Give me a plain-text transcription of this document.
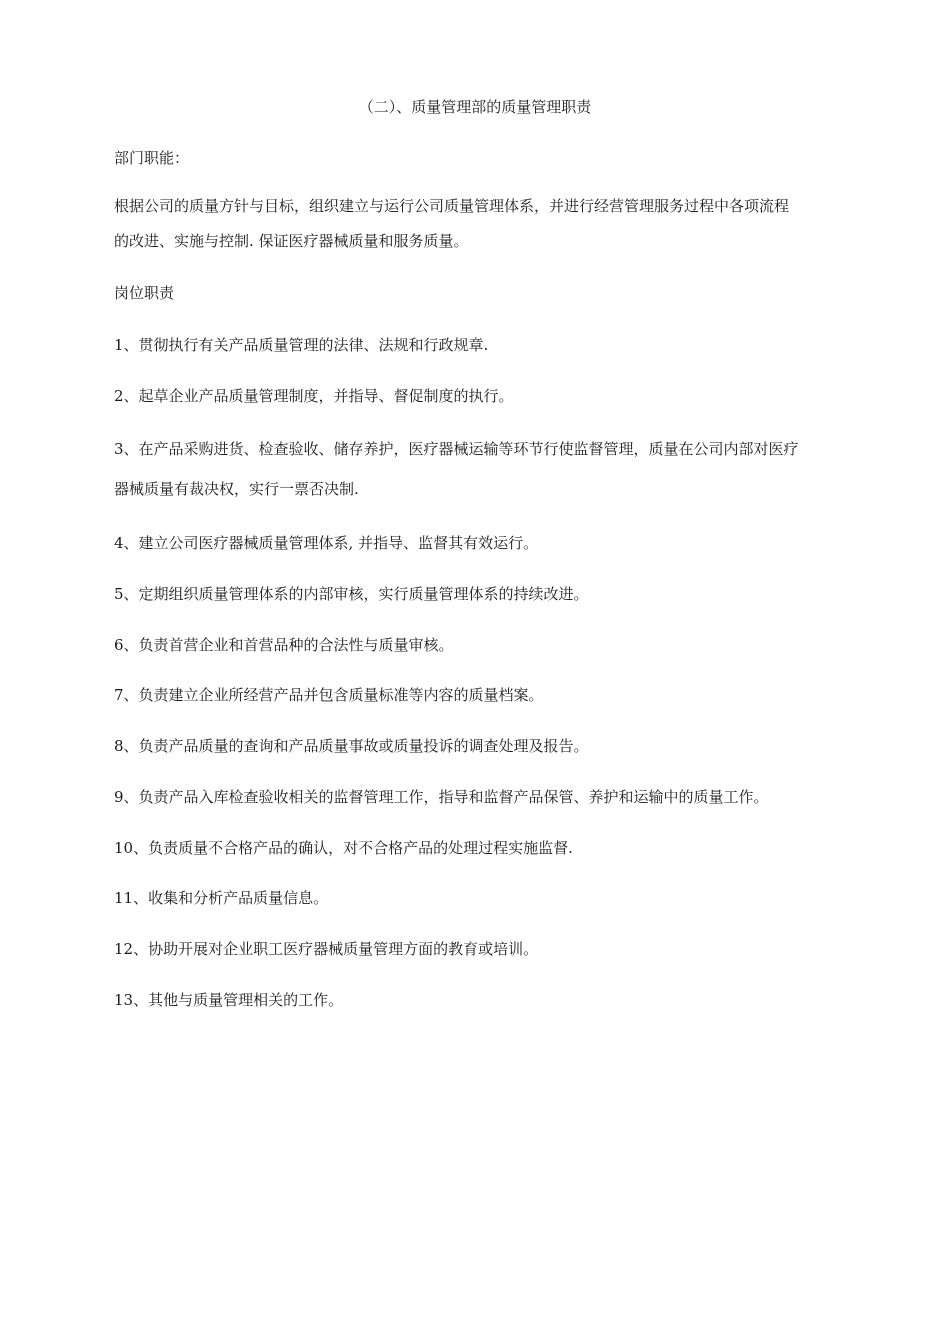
（二）、质量管理部的质量管理职责
部门职能：
根据公司的质量方针与目标，组织建立与运行公司质量管理体系，并进行经营管理服务过程中各项流程
的改进、实施与控制. 保证医疗器械质量和服务质量。
岗位职责
1、贯彻执行有关产品质量管理的法律、法规和行政规章.
2、起草企业产品质量管理制度，并指导、督促制度的执行。
3、在产品采购进货、检查验收、储存养护，医疗器械运输等环节行使监督管理，质量在公司内部对医疗
器械质量有裁决权，实行一票否决制.
4、建立公司医疗器械质量管理体系, 并指导、监督其有效运行。
5、定期组织质量管理体系的内部审核，实行质量管理体系的持续改进。
6、负责首营企业和首营品种的合法性与质量审核。
7、负责建立企业所经营产品并包含质量标准等内容的质量档案。
8、负责产品质量的查询和产品质量事故或质量投诉的调查处理及报告。
9、负责产品入库检查验收相关的监督管理工作，指导和监督产品保管、养护和运输中的质量工作。
10、负责质量不合格产品的确认，对不合格产品的处理过程实施监督.
11、收集和分析产品质量信息。
12、协助开展对企业职工医疗器械质量管理方面的教育或培训。
13、其他与质量管理相关的工作。
